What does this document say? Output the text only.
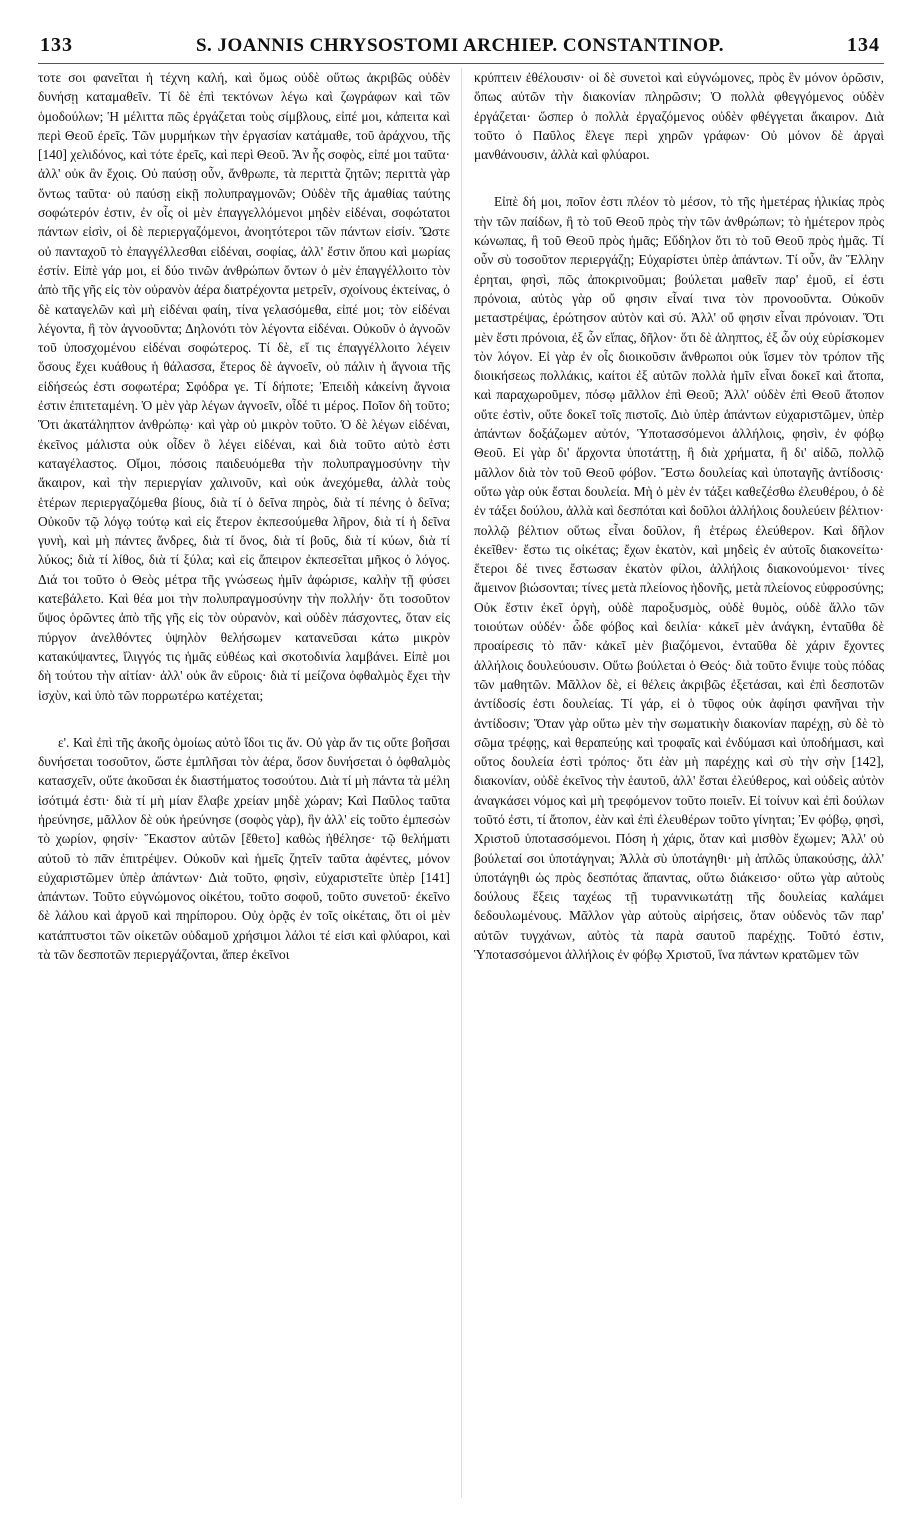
133	S. JOANNIS CHRYSOSTOMI ARCHIEP. CONSTANTINOP.	134

τοτε σοι φανεῖται ἡ τέχνη καλή, καὶ ὅμως οὐδὲ οὕτως ἀκριβῶς οὐδὲν δυνήσῃ καταμαθεῖν. Τί δὲ ἐπὶ τεκτόνων λέγω καὶ ζωγράφων καὶ τῶν ὁμοδούλων; Ἡ μέλιττα πῶς ἐργάζεται τοὺς σίμβλους, εἰπέ μοι, κἀπειτα καὶ περὶ Θεοῦ ἐρεῖς. Τῶν μυρμήκων τὴν ἐργασίαν κατάμαθε, τοῦ ἀράχνου, τῆς [140] χελιδόνος, καὶ τότε ἐρεῖς, καὶ περὶ Θεοῦ. Ἂν ἧς σοφὸς, εἰπέ μοι ταῦτα· ἀλλ' οὐκ ἂν ἔχοις. Οὐ παύσῃ οὖν, ἄνθρωπε, τὰ περιττὰ ζητῶν; περιττὰ γὰρ ὄντως ταῦτα· οὐ παύσῃ εἰκῇ πολυπραγμονῶν; Οὐδὲν τῆς ἀμαθίας ταύτης σοφώτερόν ἐστιν, ἐν οἷς οἱ μὲν ἐπαγγελλόμενοι μηδὲν εἰδέναι, σοφώτατοι πάντων εἰσὶν, οἱ δὲ περιεργαζόμενοι, ἀνοητότεροι τῶν πάντων εἰσίν. Ὥστε οὐ πανταχοῦ τὸ ἐπαγγέλλεσθαι εἰδέναι, σοφίας, ἀλλ' ἔστιν ὅπου καὶ μωρίας ἐστίν. Εἰπὲ γάρ μοι, εἰ δύο τινῶν ἀνθρώπων ὄντων ὁ μὲν ἐπαγγέλλοιτο τὸν ἀπὸ τῆς γῆς εἰς τὸν οὐρανὸν ἀέρα διατρέχοντα μετρεῖν, σχοίνους ἐκτείνας, ὁ δὲ καταγελῶν καὶ μὴ εἰδέναι φαίη, τίνα γελασόμεθα, εἰπέ μοι; τὸν εἰδέναι λέγοντα, ἢ τὸν ἀγνοοῦντα; Δηλονότι τὸν λέγοντα εἰδέναι. Οὐκοῦν ὁ ἀγνοῶν τοῦ ὑποσχομένου εἰδέναι σοφώτερος. Τί δὲ, εἴ τις ἐπαγγέλλοιτο λέγειν ὅσους ἔχει κυάθους ἡ θάλασσα, ἕτερος δὲ ἀγνοεῖν, οὐ πάλιν ἡ ἄγνοια τῆς εἰδήσεώς ἐστι σοφωτέρα; Σφόδρα γε. Τί δήποτε; Ἐπειδὴ κἀκείνη ἄγνοια ἐστιν ἐπιτεταμένη. Ὁ μὲν γὰρ λέγων ἀγνοεῖν, οἶδέ τι μέρος. Ποῖον δὴ τοῦτο; Ὅτι ἀκατάληπτον ἀνθρώπῳ· καὶ γὰρ οὐ μικρὸν τοῦτο. Ὁ δὲ λέγων εἰδέναι, ἐκεῖνος μάλιστα οὐκ οἶδεν ὃ λέγει εἰδέναι, καὶ διὰ τοῦτο αὐτὸ ἐστι καταγέλαστος. Οἴμοι, πόσοις παιδευόμεθα τὴν πολυπραγμοσύνην τὴν ἄκαιρον, καὶ τὴν περιεργίαν χαλινοῦν, καὶ οὐκ ἀνεχόμεθα, ἀλλὰ τοὺς ἑτέρων περιεργαζόμεθα βίους, διὰ τί ὁ δεῖνα πηρὸς, διὰ τί πένης ὁ δεῖνα; Οὐκοῦν τῷ λόγῳ τούτῳ καὶ εἰς ἕτερον ἐκπεσούμεθα λῆρον, διὰ τί ἡ δεῖνα γυνὴ, καὶ μὴ πάντες ἄνδρες, διὰ τί ὄνος, διὰ τί βοῦς, διὰ τί κύων, διὰ τί λύκος; διὰ τί λίθος, διὰ τί ξύλα; καὶ εἰς ἄπειρον ἐκπεσεῖται μῆκος ὁ λόγος. Διά τοι τοῦτο ὁ Θεὸς μέτρα τῆς γνώσεως ἡμῖν ἀφώρισε, καλὴν τῇ φύσει κατεβάλετο. Καὶ θέα μοι τὴν πολυπραγμοσύνην τὴν πολλήν· ὅτι τοσοῦτον ὕψος ὁρῶντες ἀπὸ τῆς γῆς εἰς τὸν οὐρανὸν, καὶ οὐδὲν πάσχοντες, ὅταν εἰς πύργον ἀνελθόντες ὑψηλὸν θελήσωμεν κατανεῦσαι κάτω μικρὸν κατακύψαντες, ἴλιγγός τις ἡμᾶς εὐθέως καὶ σκοτοδινία λαμβάνει. Εἰπὲ μοι δὴ τούτου τὴν αἰτίαν· ἀλλ' οὐκ ἂν εὕροις· διὰ τί μείζονα ὀφθαλμὸς ἔχει τὴν ἰσχὺν, καὶ ὑπὸ τῶν πορρωτέρω κατέχεται;

ε'. Καὶ ἐπὶ τῆς ἀκοῆς ὁμοίως αὐτὸ ἴδοι τις ἄν. Οὐ γὰρ ἄν τις οὔτε βοῆσαι δυνήσεται τοσοῦτον, ὥστε ἐμπλῆσαι τὸν ἀέρα, ὅσον δυνήσεται ὁ ὀφθαλμὸς κατασχεῖν, οὔτε ἀκοῦσαι ἐκ διαστήματος τοσούτου. Διὰ τί μὴ πάντα τὰ μέλη ἰσότιμά ἐστι· διὰ τί μὴ μίαν ἔλαβε χρείαν μηδὲ χώραν; Καὶ Παῦλος ταῦτα ἠρεύνησε, μᾶλλον δὲ οὐκ ἠρεύνησε (σοφὸς γὰρ), ἣν ἀλλ' εἰς τοῦτο ἐμπεσὼν τὸ χωρίον, φησίν· Ἕκαστον αὐτῶν [ἔθετο] καθὼς ἠθέλησε· τῷ θελήματι αὐτοῦ τὸ πᾶν ἐπιτρέψεν. Οὐκοῦν καὶ ἡμεῖς ζητεῖν ταῦτα ἀφέντες, μόνον εὐχαριστῶμεν ὑπὲρ ἁπάντων· Διὰ τοῦτο, φησὶν, εὐχαριστεῖτε ὑπὲρ [141] ἁπάντων. Τοῦτο εὐγνώμονος οἰκέτου, τοῦτο σοφοῦ, τοῦτο συνετοῦ· ἐκεῖνο δὲ λάλου καὶ ἀργοῦ καὶ πηρίπορου. Οὐχ ὁρᾷς ἐν τοῖς οἰκέταις, ὅτι οἱ μὲν κατάπτυστοι τῶν οἰκετῶν οὐδαμοῦ χρήσιμοι λάλοι τέ εἰσι καὶ φλύαροι, καὶ τὰ τῶν δεσποτῶν περιεργάζονται, ἅπερ ἐκεῖνοι

κρύπτειν ἐθέλουσιν· οἱ δὲ συνετοὶ καὶ εὐγνώμονες, πρὸς ἓν μόνον ὁρῶσιν, ὅπως αὐτῶν τὴν διακονίαν πληρῶσιν; Ὁ πολλὰ φθεγγόμενος οὐδὲν ἐργάζεται· ὥσπερ ὁ πολλὰ ἐργαζόμενος οὐδὲν φθέγγεται ἄκαιρον. Διὰ τοῦτο ὁ Παῦλος ἔλεγε περὶ χηρῶν γράφων· Οὐ μόνον δὲ ἀργαὶ μανθάνουσιν, ἀλλὰ καὶ φλύαροι.

Εἰπὲ δή μοι, ποῖον ἐστι πλέον τὸ μέσον, τὸ τῆς ἡμετέρας ἡλικίας πρὸς τὴν τῶν παίδων, ἢ τὸ τοῦ Θεοῦ πρὸς τὴν τῶν ἀνθρώπων; τὸ ἡμέτερον πρὸς κώνωπας, ἢ τοῦ Θεοῦ πρὸς ἡμᾶς; Εὔδηλον ὅτι τὸ τοῦ Θεοῦ πρὸς ἡμᾶς. Τί οὖν σὺ τοσοῦτον περιεργάζῃ; Εὐχαρίστει ὑπὲρ ἁπάντων. Τί οὖν, ἂν Ἕλλην ἐρηται, φησὶ, πῶς ἀποκρινοῦμαι; βούλεται μαθεῖν παρ' ἐμοῦ, εἰ ἐστι πρόνοια, αὐτὸς γὰρ οὔ φησιν εἶναί τινα τὸν προνοοῦντα. Οὐκοῦν μεταστρέψας, ἐρώτησον αὐτὸν καὶ σύ. Ἀλλ' οὔ φησιν εἶναι πρόνοιαν. Ὅτι μὲν ἔστι πρόνοια, ἐξ ὧν εἴπας, δῆλον· ὅτι δὲ ἀληπτος, ἐξ ὧν οὐχ εὑρίσκομεν τὸν λόγον. Εἰ γὰρ ἐν οἷς διοικοῦσιν ἄνθρωποι οὐκ ἴσμεν τὸν τρόπον τῆς διοικήσεως πολλάκις, καίτοι ἐξ αὐτῶν πολλὰ ἡμῖν εἶναι δοκεῖ καὶ ἄτοπα, καὶ παραχωροῦμεν, πόσῳ μᾶλλον ἐπὶ Θεοῦ; Ἀλλ' οὐδὲν ἐπὶ Θεοῦ ἄτοπον οὔτε ἐστὶν, οὔτε δοκεῖ τοῖς πιστοῖς. Διὸ ὑπὲρ ἁπάντων εὐχαριστῶμεν, ὑπὲρ ἁπάντων δοξάζωμεν αὐτόν, Ὑποτασσόμενοι ἀλλήλοις, φησὶν, ἐν φόβῳ Θεοῦ. Εἰ γὰρ δι' ἄρχοντα ὑποτάττῃ, ἢ διὰ χρήματα, ἢ δι' αἰδῶ, πολλῷ μᾶλλον διὰ τὸν τοῦ Θεοῦ φόβον. Ἔστω δουλείας καὶ ὑποταγῆς ἀντίδοσις· οὕτω γὰρ οὐκ ἔσται δουλεία. Μὴ ὁ μὲν ἐν τάξει καθεζέσθω ἐλευθέρου, ὁ δὲ ἐν τάξει δούλου, ἀλλὰ καὶ δεσπόται καὶ δοῦλοι ἀλλήλοις δουλεύειν βέλτιον· πολλῷ βέλτιον οὕτως εἶναι δοῦλον, ἢ ἑτέρως ἐλεύθερον. Καὶ δῆλον ἐκεῖθεν· ἔστω τις οἰκέτας; ἔχων ἑκατὸν, καὶ μηδεὶς ἐν αὐτοῖς διακονείτω· ἕτεροι δέ τινες ἔστωσαν ἑκατὸν φίλοι, ἀλλήλοις διακονούμενοι· τίνες ἄμεινον βιώσονται; τίνες μετὰ πλείονος ἡδονῆς, μετὰ πλείονος εὐφροσύνης; Οὐκ ἔστιν ἐκεῖ ὀργὴ, οὐδὲ παροξυσμὸς, οὐδὲ θυμὸς, οὐδὲ ἄλλο τῶν τοιούτων οὐδέν· ὧδε φόβος καὶ δειλία· κἀκεῖ μὲν ἀνάγκη, ἐνταῦθα δὲ προαίρεσις τὸ πᾶν· κἀκεῖ μὲν βιαζόμενοι, ἐνταῦθα δὲ χάριν ἔχοντες ἀλλήλοις δουλεύουσιν. Οὕτω βούλεται ὁ Θεός· διὰ τοῦτο ἔνιψε τοὺς πόδας τῶν μαθητῶν. Μᾶλλον δὲ, εἰ θέλεις ἀκριβῶς ἐξετάσαι, καὶ ἐπὶ δεσποτῶν ἀντίδοσίς ἐστι δουλείας. Τί γάρ, εἰ ὁ τῦφος οὐκ ἀφίησι φανῆναι τὴν ἀντίδοσιν; Ὅταν γὰρ οὕτω μὲν τὴν σωματικὴν διακονίαν παρέχῃ, σὺ δὲ τὸ σῶμα τρέφῃς, καὶ θεραπεύῃς καὶ τροφαῖς καὶ ἐνδύμασι καὶ ὑποδήμασι, καὶ οὕτος δουλεία ἐστὶ τρόπος· ὅτι ἐὰν μὴ παρέχῃς καὶ σὺ τὴν σὴν [142], διακονίαν, οὐδὲ ἐκεῖνος τὴν ἑαυτοῦ, ἀλλ' ἔσται ἐλεύθερος, καὶ οὐδεὶς αὐτὸν ἀναγκάσει νόμος καὶ μὴ τρεφόμενον τοῦτο ποιεῖν. Εἰ τοίνυν καὶ ἐπὶ δούλων τοῦτό ἐστι, τί ἄτοπον, ἐὰν καὶ ἐπὶ ἐλευθέρων τοῦτο γίνηται; Ἐν φόβῳ, φησὶ, Χριστοῦ ὑποτασσόμενοι. Πόση ἡ χάρις, ὅταν καὶ μισθὸν ἔχωμεν; Ἀλλ' οὐ βούλεταί σοι ὑποτάγηναι; Ἀλλὰ σὺ ὑποτάγηθι· μὴ ἁπλῶς ὑπακούσῃς, ἀλλ' ὑποτάγηθι ὡς πρὸς δεσπότας ἅπαντας, οὕτω διάκεισο· οὕτω γὰρ αὐτοὺς δούλους ἕξεις ταχέως τῇ τυραννικωτάτῃ τῆς δουλείας καλάμει δεδουλωμένους. Μᾶλλον γὰρ αὐτοὺς αἱρήσεις, ὅταν οὐδενὸς τῶν παρ' αὐτῶν τυγχάνων, αὐτὸς τὰ παρὰ σαυτοῦ παρέχῃς. Τοῦτό ἐστιν, Ὑποτασσόμενοι ἀλλήλοις ἐν φόβῳ Χριστοῦ, ἵνα πάντων κρατῶμεν τῶν
